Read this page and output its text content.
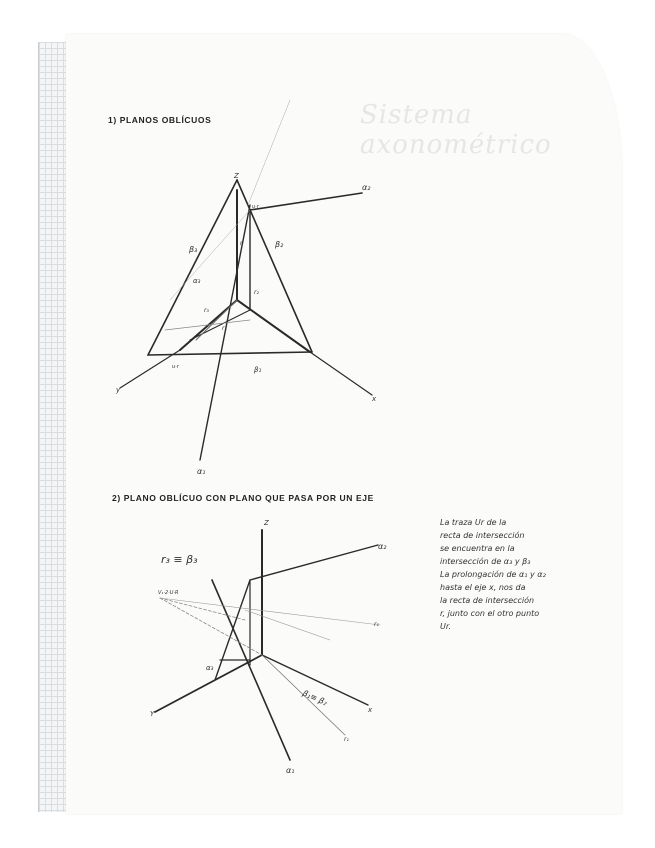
Sistema axonométrico
1) PLANOS OBLÍCUOS
2) PLANO OBLÍCUO CON PLANO QUE PASA POR UN EJE
Z
α₂
β₃
β₂
α₃
r
r₂
r₃
r₁
y
x
β₁
α₁
u·r
u·r
r₃ ≡ β₃
Z
α₂
V₁·2·U·R
r₁
α₃
Y	x
β₁≡ β₂
r₁
α₁
La traza Ur de la
recta de intersección
se encuentra en la
intersección de α₃ y β₃
La prolongación de α₁ y α₂
hasta el eje x, nos da
la recta de intersección
r, junto con el otro punto
Ur.
